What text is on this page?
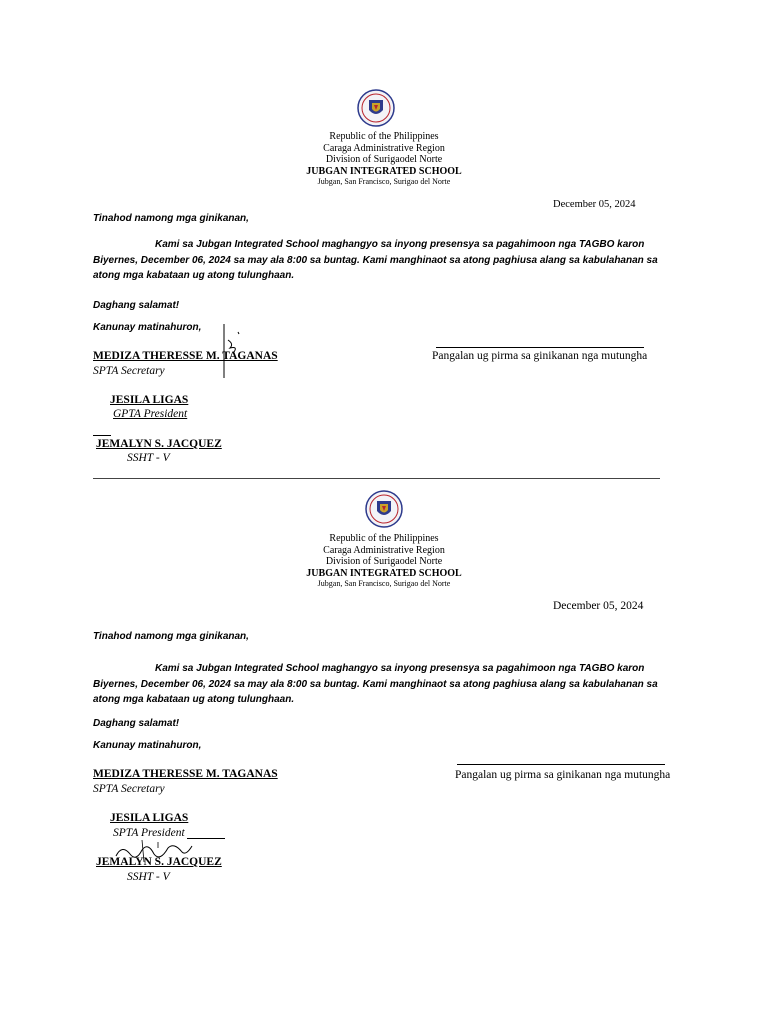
Republic of the Philippines
Caraga Administrative Region
Division of Surigaodel Norte
JUBGAN INTEGRATED SCHOOL
Jubgan, San Francisco, Surigao del Norte
December 05, 2024
Tinahod namong mga ginikanan,
Kami sa Jubgan Integrated School maghangyo sa inyong presensya sa pagahimoon nga TAGBO karon Biyernes, December 06, 2024 sa may ala 8:00 sa buntag. Kami manghinaot sa atong paghiusa alang sa kabulahanan sa atong mga kabataan ug atong tulunghaan.
Daghang salamat!
Kanunay matinahuron,
MEDIZA THERESSE M. TAGANAS
SPTA Secretary
Pangalan ug pirma sa ginikanan nga mutungha
JESILA LIGAS
GPTA President
JEMALYN S. JACQUEZ
SSHT - V
Republic of the Philippines
Caraga Administrative Region
Division of Surigaodel Norte
JUBGAN INTEGRATED SCHOOL
Jubgan, San Francisco, Surigao del Norte
December 05, 2024
Tinahod namong mga ginikanan,
Kami sa Jubgan Integrated School maghangyo sa inyong presensya sa pagahimoon nga TAGBO karon Biyernes, December 06, 2024 sa may ala 8:00 sa buntag. Kami manghinaot sa atong paghiusa alang sa kabulahanan sa atong mga kabataan ug atong tulunghaan.
Daghang salamat!
Kanunay matinahuron,
MEDIZA THERESSE M. TAGANAS
SPTA Secretary
Pangalan ug pirma sa ginikanan nga mutungha
JESILA LIGAS
SPTA President
JEMALYN S. JACQUEZ
SSHT - V
